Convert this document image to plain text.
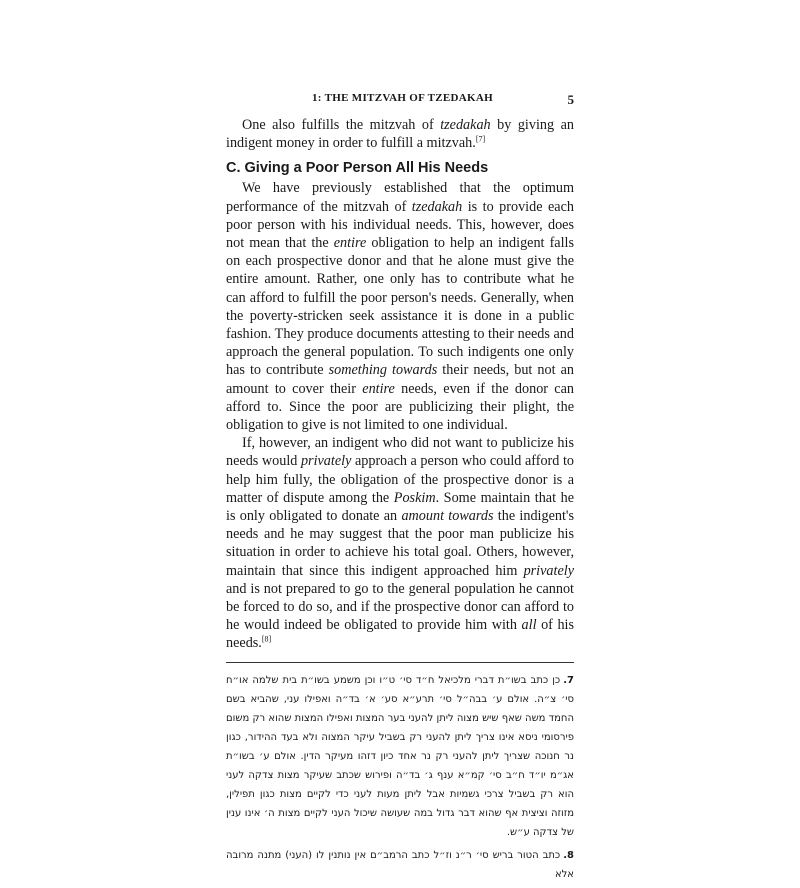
1: THE MITZVAH OF TZEDAKAH	5

One also fulfills the mitzvah of tzedakah by giving an indigent money in order to fulfill a mitzvah.[7]

C. Giving a Poor Person All His Needs

We have previously established that the optimum performance of the mitzvah of tzedakah is to provide each poor person with his individual needs. This, however, does not mean that the entire obligation to help an indigent falls on each prospective donor and that he alone must give the entire amount. Rather, one only has to contribute what he can afford to fulfill the poor person's needs. Generally, when the poverty-stricken seek assistance it is done in a public fashion. They produce documents attesting to their needs and approach the general population. To such indigents one only has to contribute something towards their needs, but not an amount to cover their entire needs, even if the donor can afford to. Since the poor are publicizing their plight, the obligation to give is not limited to one individual.

If, however, an indigent who did not want to publicize his needs would privately approach a person who could afford to help him fully, the obligation of the prospective donor is a matter of dispute among the Poskim. Some maintain that he is only obligated to donate an amount towards the indigent's needs and he may suggest that the poor man publicize his situation in order to achieve his total goal. Others, however, maintain that since this indigent approached him privately and is not prepared to go to the general population he cannot be forced to do so, and if the prospective donor can afford to he would indeed be obligated to provide him with all of his needs.[8]

7.כן כתב בשו״ת דברי מלכיאל ח״ד סי׳ ט״ו וכן משמע בשו״ת בית שלמה או״ח סי׳ צ״ה. אולם ע׳ בבה״ל סי׳ תרע״א סע׳ א׳ בד״ה ואפילו עני, שהביא בשם החמד משה שאף שיש מצוה ליתן להעני בער המצות ואפילו המצות שהוא רק משום פירסומי ניסא אינו צריך ליתן להעני רק בשביל עיקר המצוה ולא בעד ההידור, כגון נר חנוכה שצריך ליתן להעני רק נר אחד כיון דזהו מעיקר הדין. אולם ע׳ בשו״ת אג״מ יו״ד ח״ב סי׳ קמ״א ענף ג׳ בד״ה ופירוש שכתב שעיקר מצות צדקה לעני הוא רק בשביל צרכי גשמיות אבל ליתן מעות לעני כדי לקיים מצות כגון תפילין, מזוזה וציצית אף שהוא דבר גדול במה שעושה שיכול העני לקיים מצות ה׳ אינו ענין של צדקה ע״ש.

8.כתב הטור בריש סי׳ ר״נ וז״ל כתב הרמב״ם אין נותנין לו (העני) מתנה מרובה אלא
